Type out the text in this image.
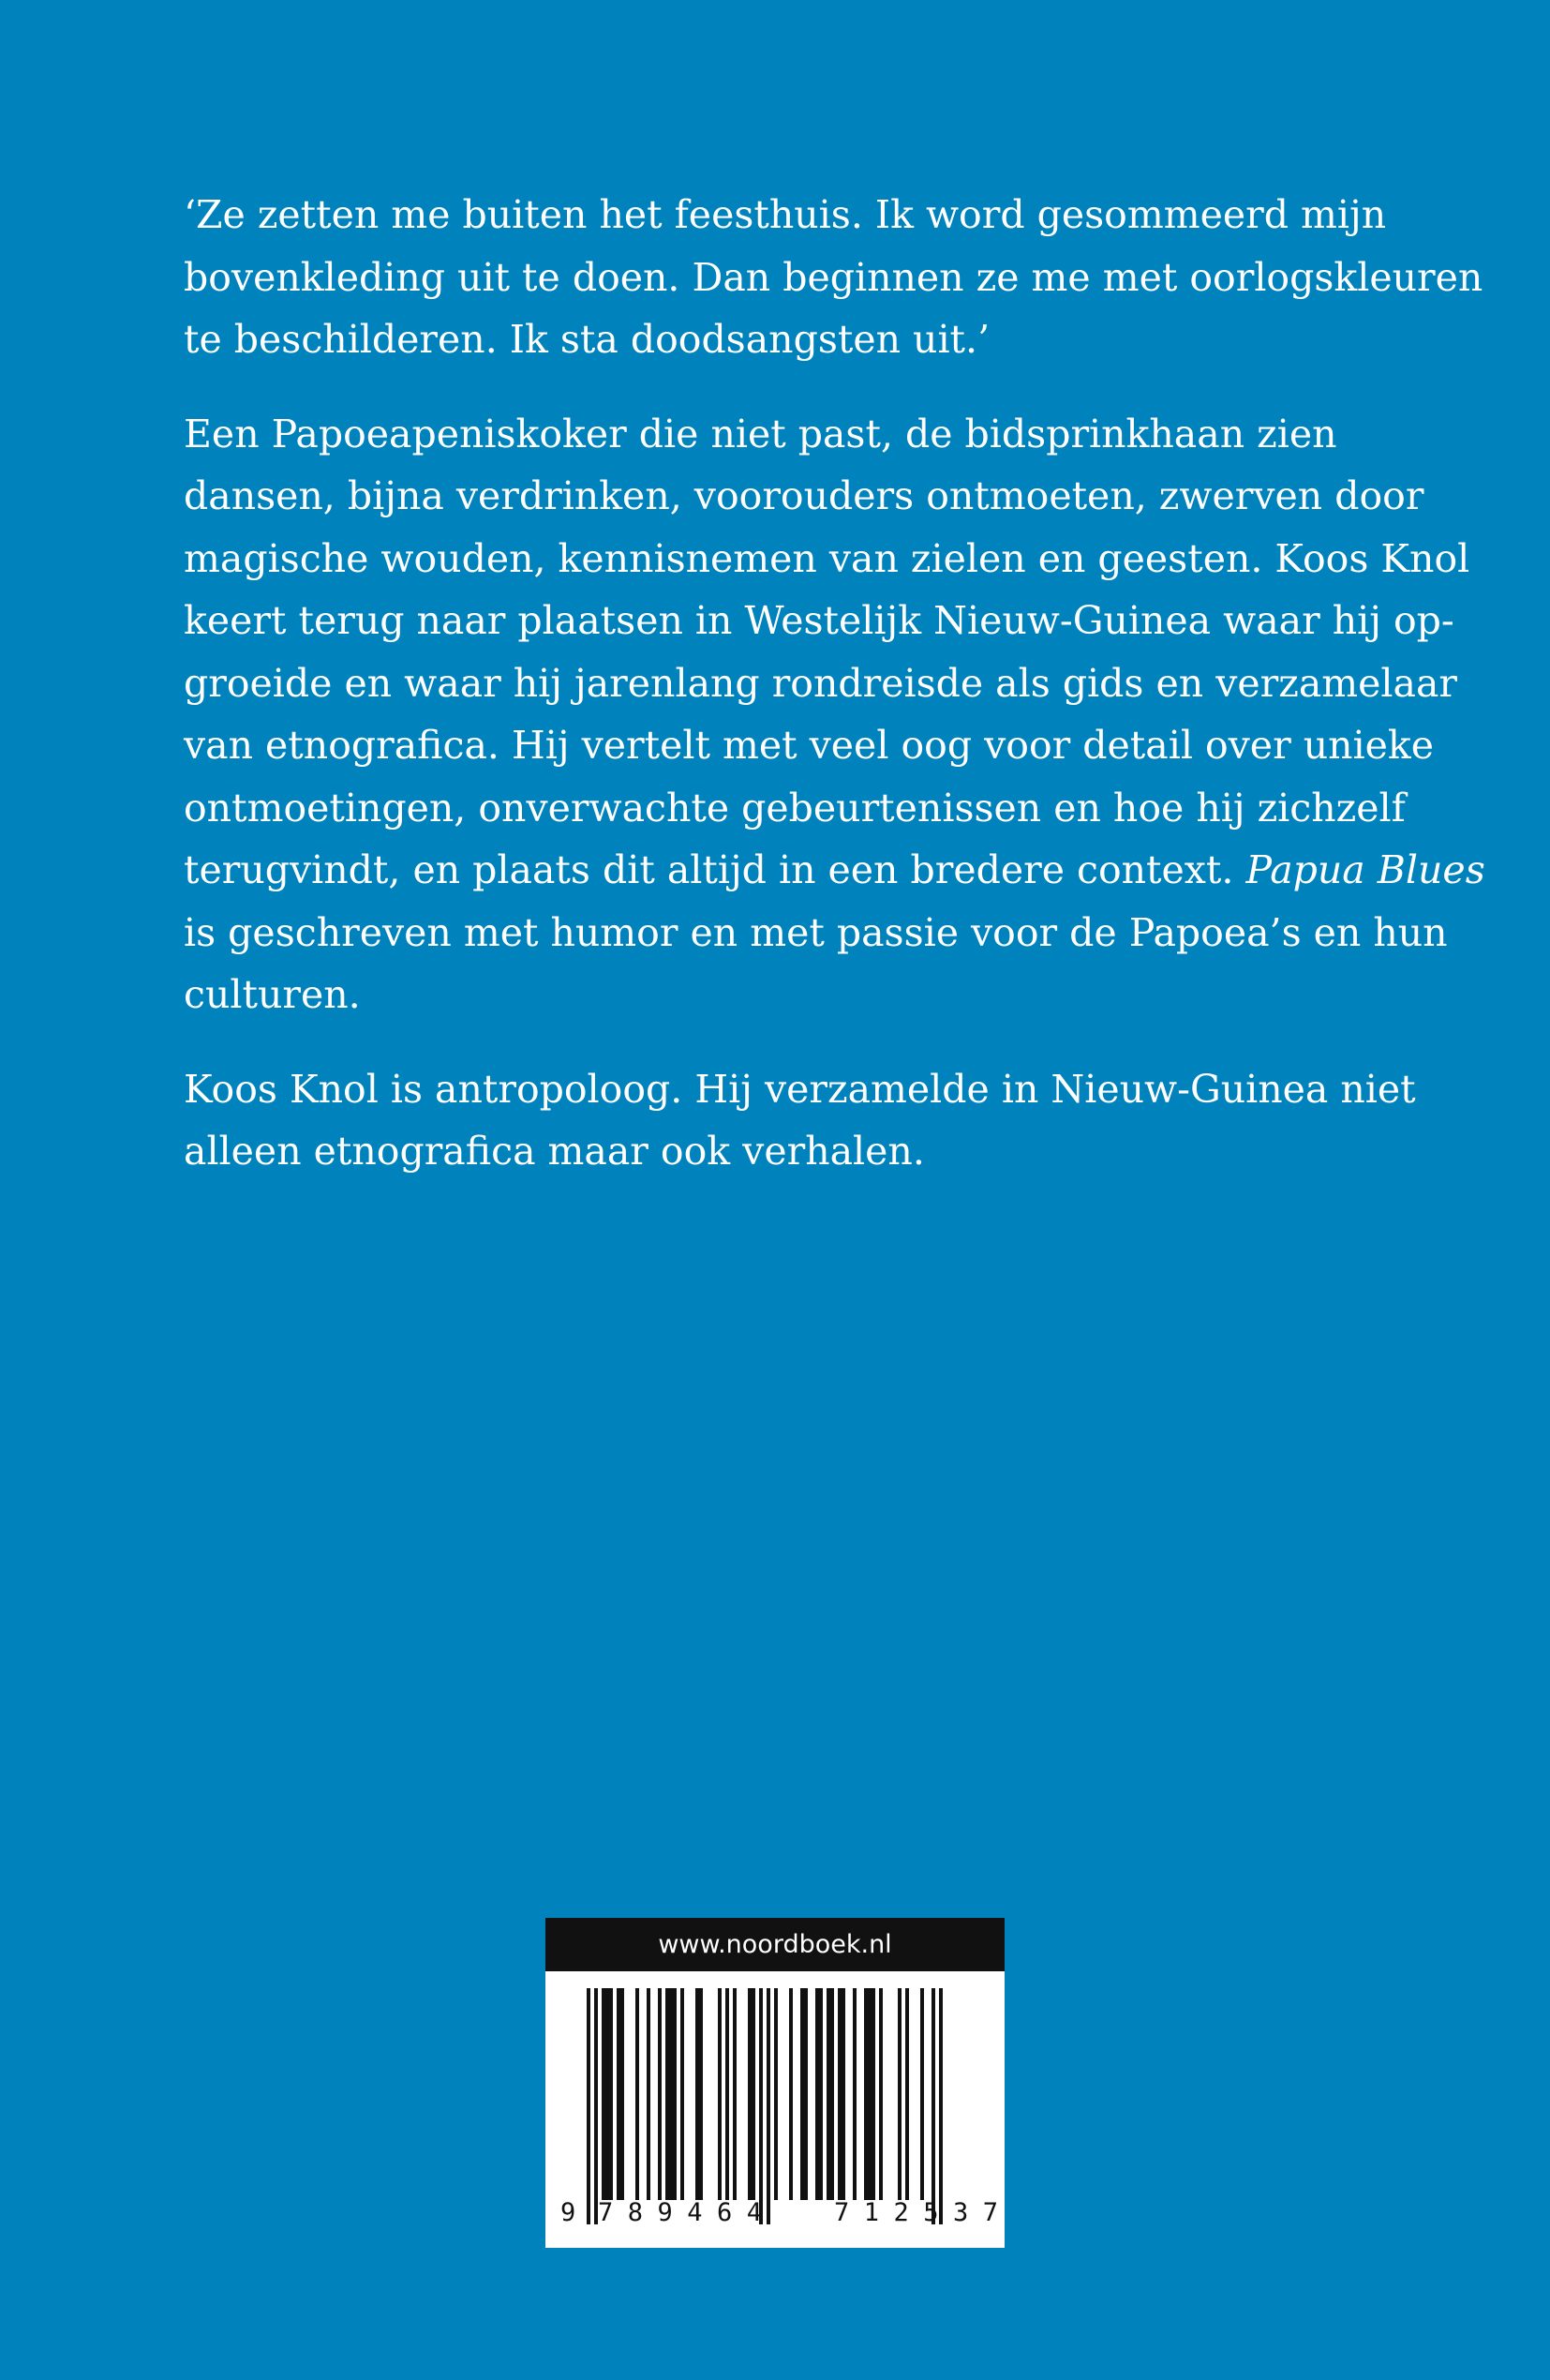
‘Ze zetten me buiten het feesthuis. Ik word gesommeerd mijn
bovenkleding uit te doen. Dan beginnen ze me met oorlogskleuren
te beschilderen. Ik sta doodsangsten uit.’

Een Papoeapeniskoker die niet past, de bidsprinkhaan zien
dansen, bijna verdrinken, voorouders ontmoeten, zwerven door
magische wouden, kennisnemen van zielen en geesten. Koos Knol
keert terug naar plaatsen in Westelijk Nieuw-Guinea waar hij op-
groeide en waar hij jarenlang rondreisde als gids en verzamelaar
van etnografica. Hij vertelt met veel oog voor detail over unieke
ontmoetingen, onverwachte gebeurtenissen en hoe hij zichzelf
terugvindt, en plaats dit altijd in een bredere context. Papua Blues
is geschreven met humor en met passie voor de Papoea’s en hun
culturen.

Koos Knol is antropoloog. Hij verzamelde in Nieuw-Guinea niet
alleen etnografica maar ook verhalen.

www.noordboek.nl
9 789464 712537
